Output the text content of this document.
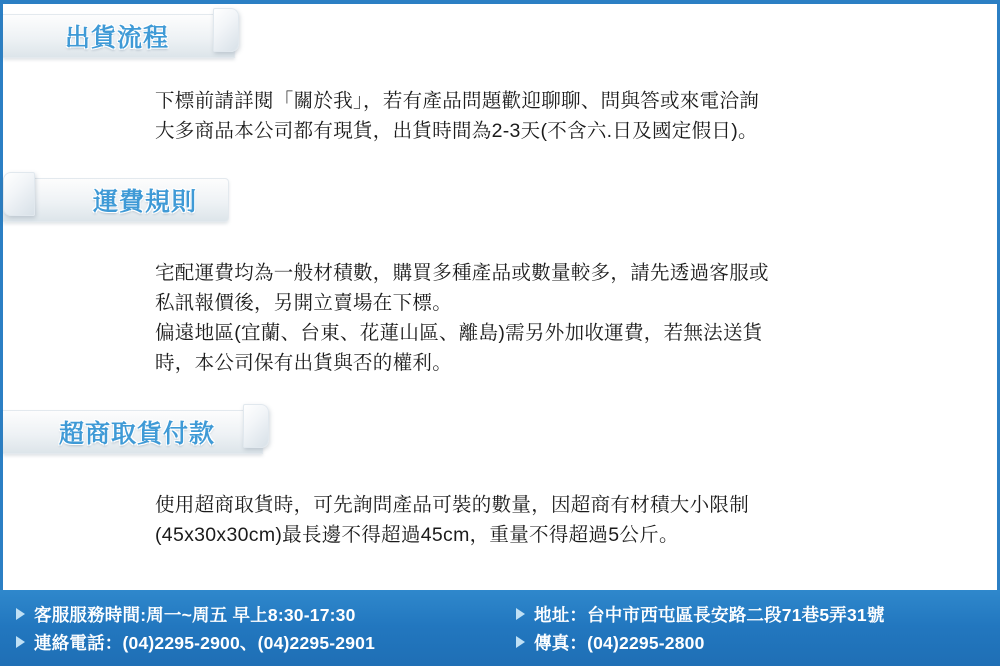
出貨流程
下標前請詳閱「關於我」，若有產品問題歡迎聊聊、問與答或來電洽詢
大多商品本公司都有現貨，出貨時間為2-3天(不含六.日及國定假日)。
運費規則
宅配運費均為一般材積數，購買多種產品或數量較多，請先透過客服或
私訊報價後，另開立賣場在下標。
偏遠地區(宜蘭、台東、花蓮山區、離島)需另外加收運費，若無法送貨
時，本公司保有出貨與否的權利。
超商取貨付款
使用超商取貨時，可先詢問產品可裝的數量，因超商有材積大小限制
(45x30x30cm)最長邊不得超過45cm，重量不得超過5公斤。
客服服務時間:周一~周五 早上8:30-17:30	地址：台中市西屯區長安路二段71巷5弄31號
連絡電話：(04)2295-2900、(04)2295-2901	傳真：(04)2295-2800
